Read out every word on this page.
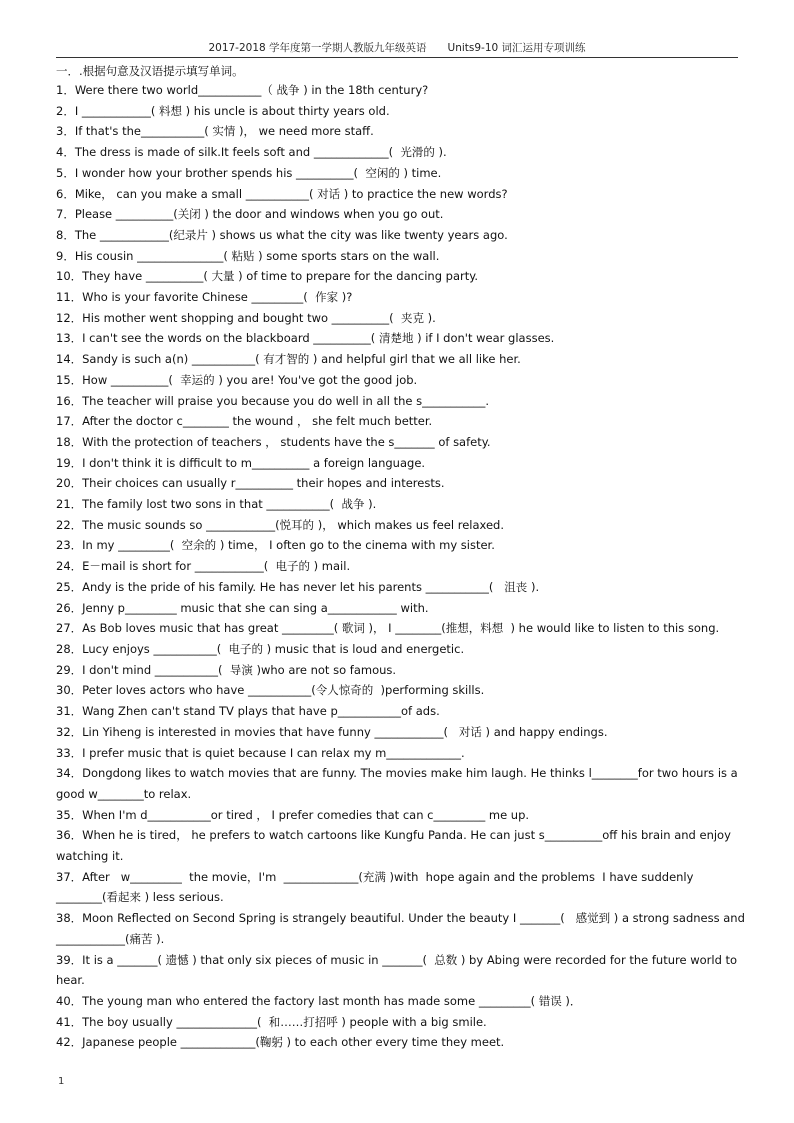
2017-2018 学年度第一学期人教版九年级英语　　Units9-10 词汇运用专项训练
一．.根据句意及汉语提示填写单词。

1．Were there two world___________（ 战争 ) in the 18th century?

2．I ____________( 料想 ) his uncle is about thirty years old.

3．If that's the___________( 实情 )， we need more staff.

4．The dress is made of silk.It feels soft and _____________(  光滑的 ).

5．I wonder how your brother spends his __________(  空闲的 ) time.

6．Mike， can you make a small ___________( 对话 ) to practice the new words?

7．Please __________(关闭 ) the door and windows when you go out.

8．The ____________(纪录片 ) shows us what the city was like twenty years ago.

9．His cousin _______________( 粘贴 ) some sports stars on the wall.

10．They have __________( 大量 ) of time to prepare for the dancing party.

11．Who is your favorite Chinese _________(  作家 )?

12．His mother went shopping and bought two __________(  夹克 ).

13．I can't see the words on the blackboard __________( 清楚地 ) if I don't wear glasses.

14．Sandy is such a(n) ___________( 有才智的 ) and helpful girl that we all like her.

15．How __________(  幸运的 ) you are! You've got the good job.

16．The teacher will praise you because you do well in all the s___________.

17．After the doctor c________ the wound ， she felt much better.

18．With the protection of teachers ， students have the s_______ of safety.

19．I don't think it is difficult to m__________ a foreign language.

20．Their choices can usually r__________ their hopes and interests.

21．The family lost two sons in that ___________(  战争 ).

22．The music sounds so ____________(悦耳的 )， which makes us feel relaxed.

23．In my _________(  空余的 ) time， I often go to the cinema with my sister.

24．E－mail is short for ____________(  电子的 ) mail.

25．Andy is the pride of his family. He has never let his parents ___________(   沮丧 ).

26．Jenny p_________ music that she can sing a____________ with.

27．As Bob loves music that has great _________( 歌词 )， I ________(推想，料想  ) he would like to listen to this song.

28．Lucy enjoys ___________(  电子的 ) music that is loud and energetic.

29．I don't mind ___________(  导演 )who are not so famous.

30．Peter loves actors who have ___________(令人惊奇的  )performing skills.

31．Wang Zhen can't stand TV plays that have p___________of ads.

32．Lin Yiheng is interested in movies that have funny ____________(   对话 ) and happy endings.

33．I prefer music that is quiet because I can relax my m_____________.

34．Dongdong likes to watch movies that are funny. The movies make him laugh. He thinks l________for two hours is a good w________to relax.

35．When I'm d___________or tired ， I prefer comedies that can c_________ me up.

36．When he is tired， he prefers to watch cartoons like Kungfu Panda. He can just s__________off his brain and enjoy watching it.

37．After   w_________  the movie，I'm  _____________(充满 )with  hope again and the problems  I have suddenly ________(看起来 ) less serious.

38．Moon Reflected on Second Spring is strangely beautiful. Under the beauty I _______(   感觉到 ) a strong sadness and ____________(痛苦 ).

39．It is a _______( 遗憾 ) that only six pieces of music in _______(  总数 ) by Abing were recorded for the future world to hear.

40．The young man who entered the factory last month has made some _________( 错误 )．

41．The boy usually ______________(  和……打招呼 ) people with a big smile.

42．Japanese people _____________(鞠躬 ) to each other every time they meet.

1
